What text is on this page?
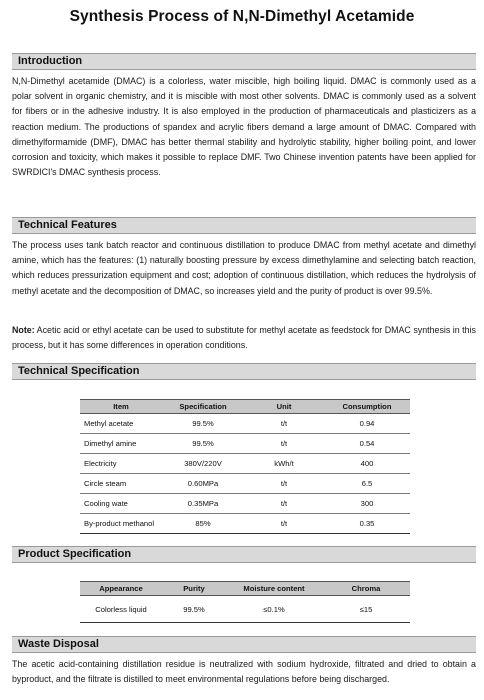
Synthesis Process of N,N-Dimethyl Acetamide
Introduction
N,N-Dimethyl acetamide (DMAC) is a colorless, water miscible, high boiling liquid. DMAC is commonly used as a polar solvent in organic chemistry, and it is miscible with most other solvents. DMAC is commonly used as a solvent for fibers or in the adhesive industry. It is also employed in the production of pharmaceuticals and plasticizers as a reaction medium. The productions of spandex and acrylic fibers demand a large amount of DMAC. Compared with dimethylformamide (DMF), DMAC has better thermal stability and hydrolytic stability, higher boiling point, and lower corrosion and toxicity, which makes it possible to replace DMF. Two Chinese invention patents have been applied for SWRDICI's DMAC synthesis process.
Technical Features
The process uses tank batch reactor and continuous distillation to produce DMAC from methyl acetate and dimethyl amine, which has the features: (1) naturally boosting pressure by excess dimethylamine and selecting batch reaction, which reduces pressurization equipment and cost; adoption of continuous distillation, which reduces the hydrolysis of methyl acetate and the decomposition of DMAC, so increases yield and the purity of product is over 99.5%.
Note: Acetic acid or ethyl acetate can be used to substitute for methyl acetate as feedstock for DMAC synthesis in this process, but it has some differences in operation conditions.
Technical Specification
Item	Specification	Unit	Consumption
Methyl acetate	99.5%	t/t	0.94
Dimethyl amine	99.5%	t/t	0.54
Electricity	380V/220V	kWh/t	400
Circle steam	0.60MPa	t/t	6.5
Cooling wate	0.35MPa	t/t	300
By-product methanol	85%	t/t	0.35
Product Specification
Appearance	Purity	Moisture content	Chroma
Colorless liquid	99.5%	≤0.1%	≤15
Waste Disposal
The acetic acid-containing distillation residue is neutralized with sodium hydroxide, filtrated and dried to obtain a byproduct, and the filtrate is distilled to meet environmental regulations before being discharged.
